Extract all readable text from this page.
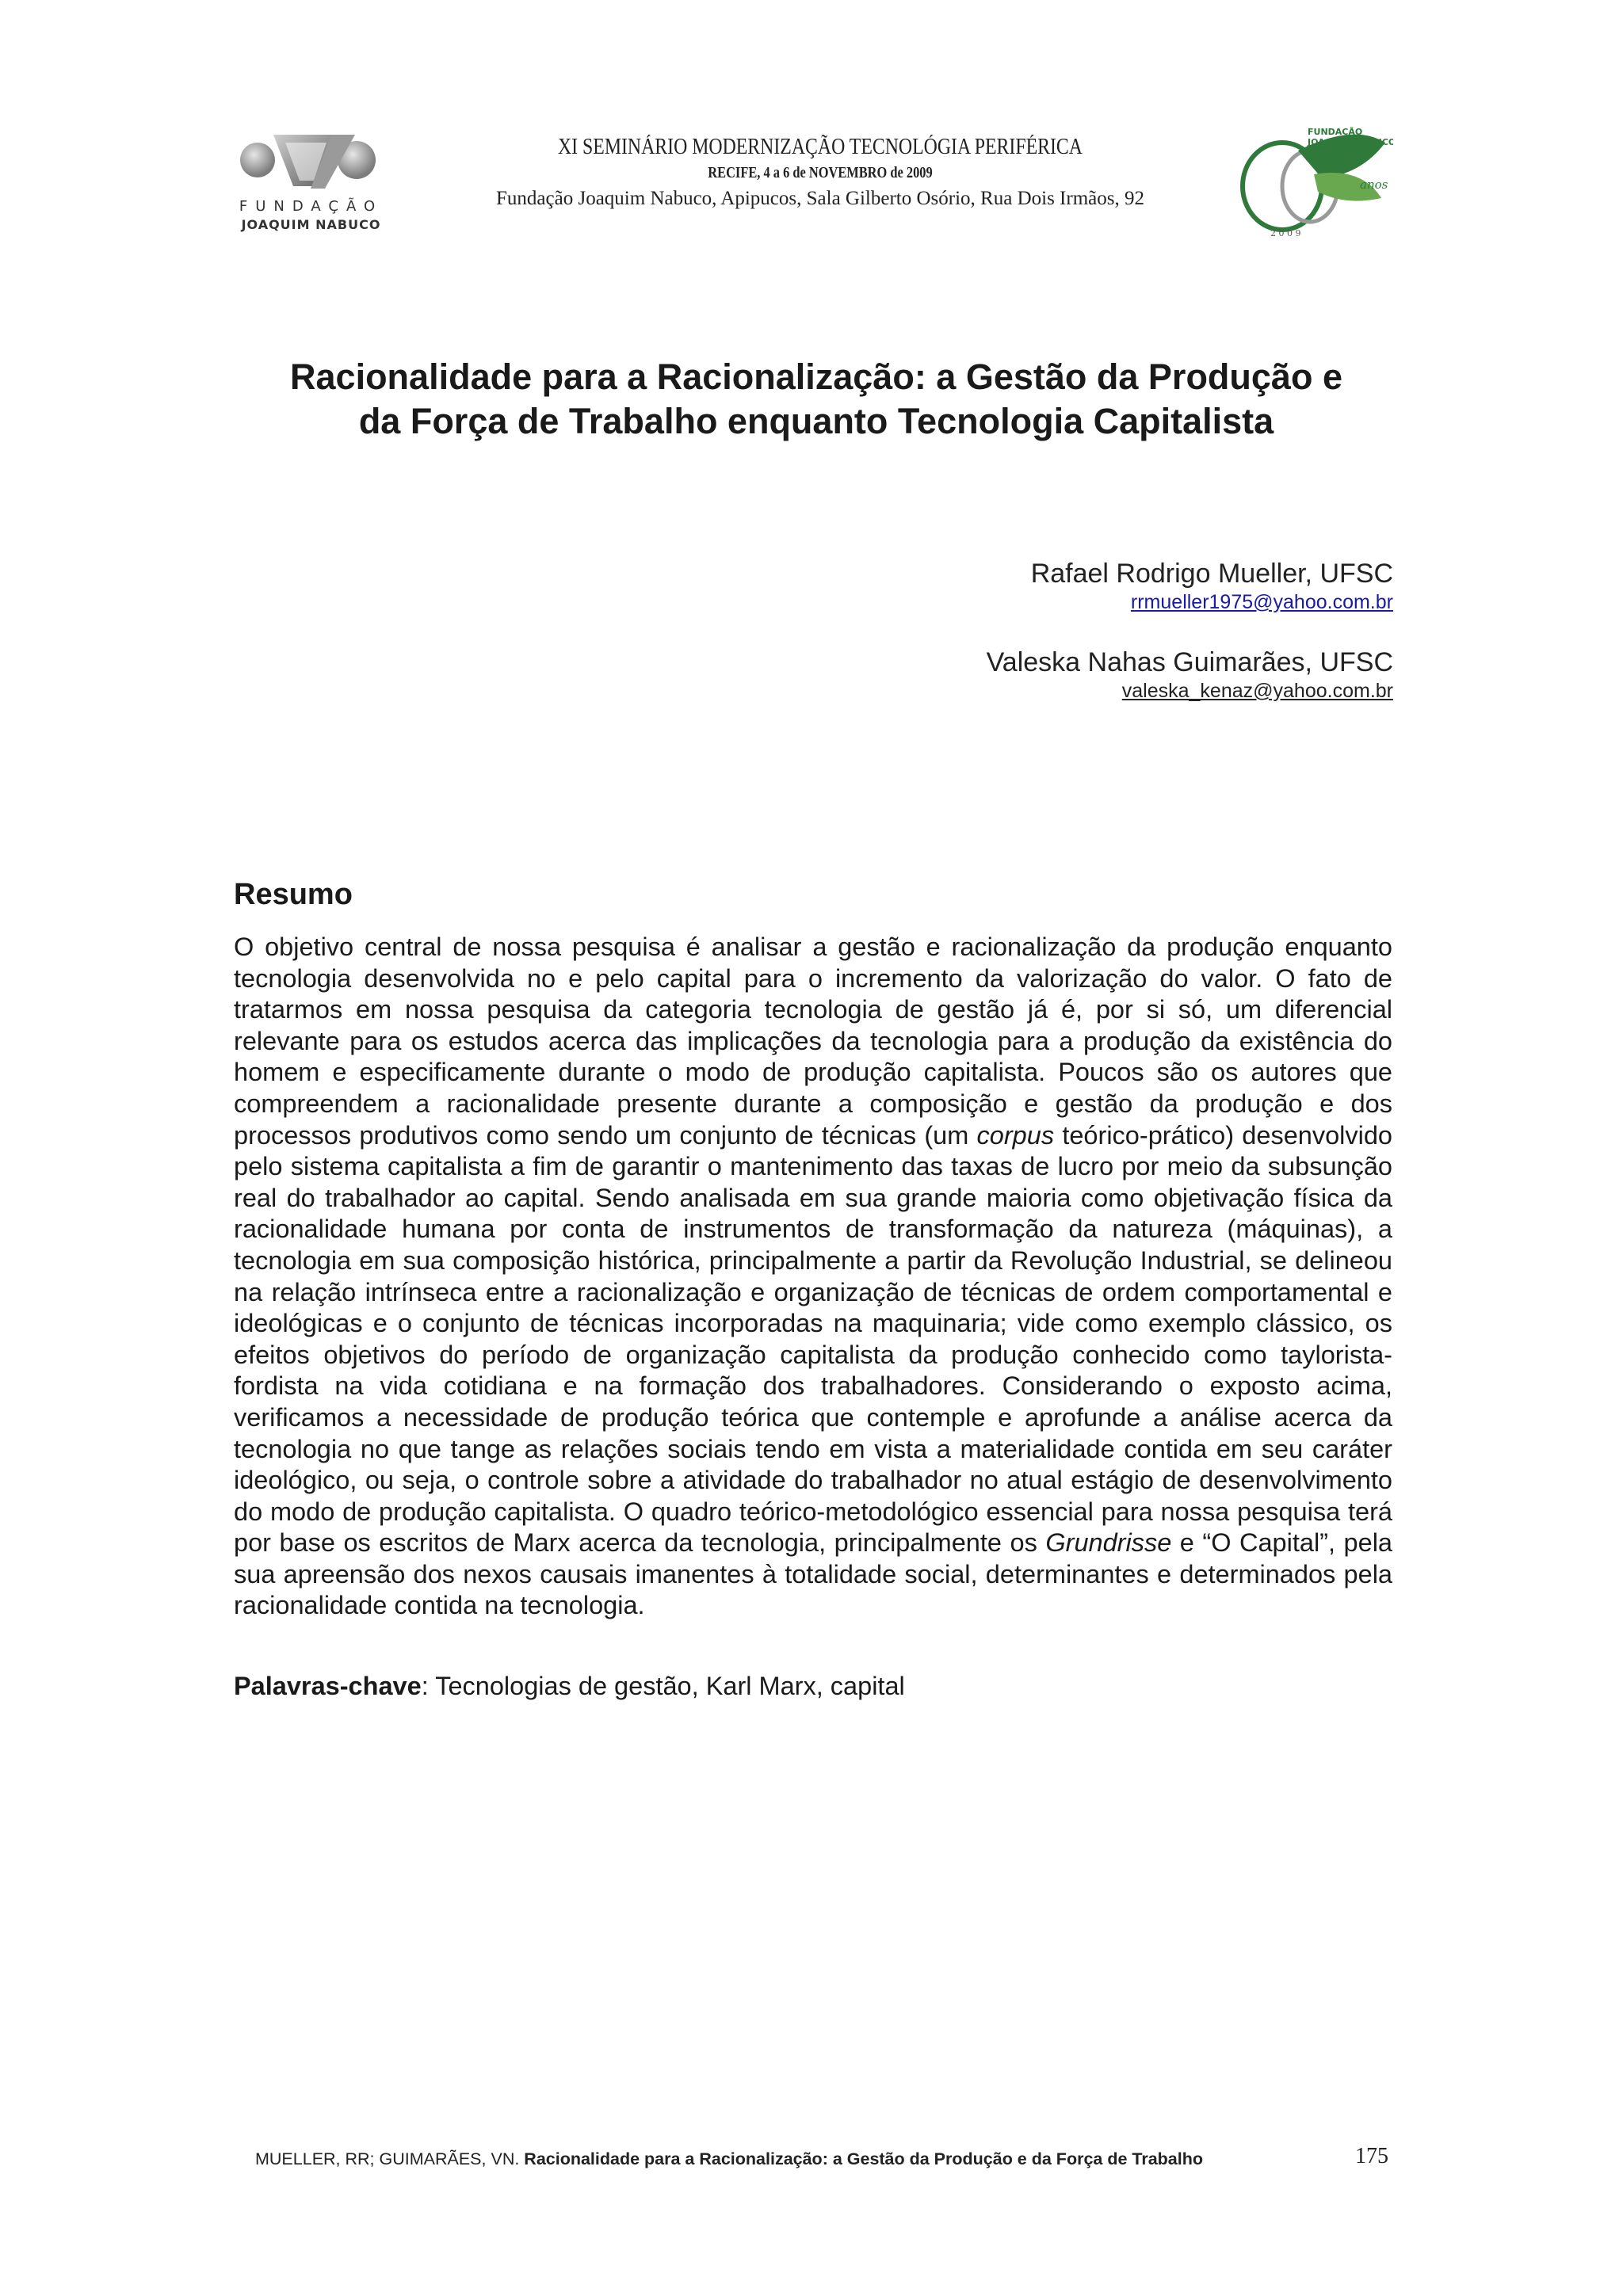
FUNDAÇÃO
JOAQUIM NABUCO
XI SEMINÁRIO MODERNIZAÇÃO TECNOLÓGIA PERIFÉRICA
RECIFE, 4 a 6 de NOVEMBRO de 2009
Fundação Joaquim Nabuco, Apipucos, Sala Gilberto Osório, Rua Dois Irmãos, 92
FUNDAÇÃO
JOAQUIM NABUCO
anos
2 0 0 9
Racionalidade para a Racionalização: a Gestão da Produção e
da Força de Trabalho enquanto Tecnologia Capitalista
Rafael Rodrigo Mueller, UFSC
rrmueller1975@yahoo.com.br
Valeska Nahas Guimarães, UFSC
valeska_kenaz@yahoo.com.br
Resumo
O objetivo central de nossa pesquisa é analisar a gestão e racionalização da produção enquanto tecnologia desenvolvida no e pelo capital para o incremento da valorização do valor. O fato de tratarmos em nossa pesquisa da categoria tecnologia de gestão já é, por si só, um diferencial relevante para os estudos acerca das implicações da tecnologia para a produção da existência do homem e especificamente durante o modo de produção capitalista. Poucos são os autores que compreendem a racionalidade presente durante a composição e gestão da produção e dos processos produtivos como sendo um conjunto de técnicas (um corpus teórico-prático) desenvolvido pelo sistema capitalista a fim de garantir o mantenimento das taxas de lucro por meio da subsunção real do trabalhador ao capital. Sendo analisada em sua grande maioria como objetivação física da racionalidade humana por conta de instrumentos de transformação da natureza (máquinas), a tecnologia em sua composição histórica, principalmente a partir da Revolução Industrial, se delineou na relação intrínseca entre a racionalização e organização de técnicas de ordem comportamental e ideológicas e o conjunto de técnicas incorporadas na maquinaria; vide como exemplo clássico, os efeitos objetivos do período de organização capitalista da produção conhecido como taylorista-fordista na vida cotidiana e na formação dos trabalhadores. Considerando o exposto acima, verificamos a necessidade de produção teórica que contemple e aprofunde a análise acerca da tecnologia no que tange as relações sociais tendo em vista a materialidade contida em seu caráter ideológico, ou seja, o controle sobre a atividade do trabalhador no atual estágio de desenvolvimento do modo de produção capitalista. O quadro teórico-metodológico essencial para nossa pesquisa terá por base os escritos de Marx acerca da tecnologia, principalmente os Grundrisse e “O Capital”, pela sua apreensão dos nexos causais imanentes à totalidade social, determinantes e determinados pela racionalidade contida na tecnologia.
Palavras-chave: Tecnologias de gestão, Karl Marx, capital
MUELLER, RR; GUIMARÃES, VN. Racionalidade para a Racionalização: a Gestão da Produção e da Força de Trabalho	175
